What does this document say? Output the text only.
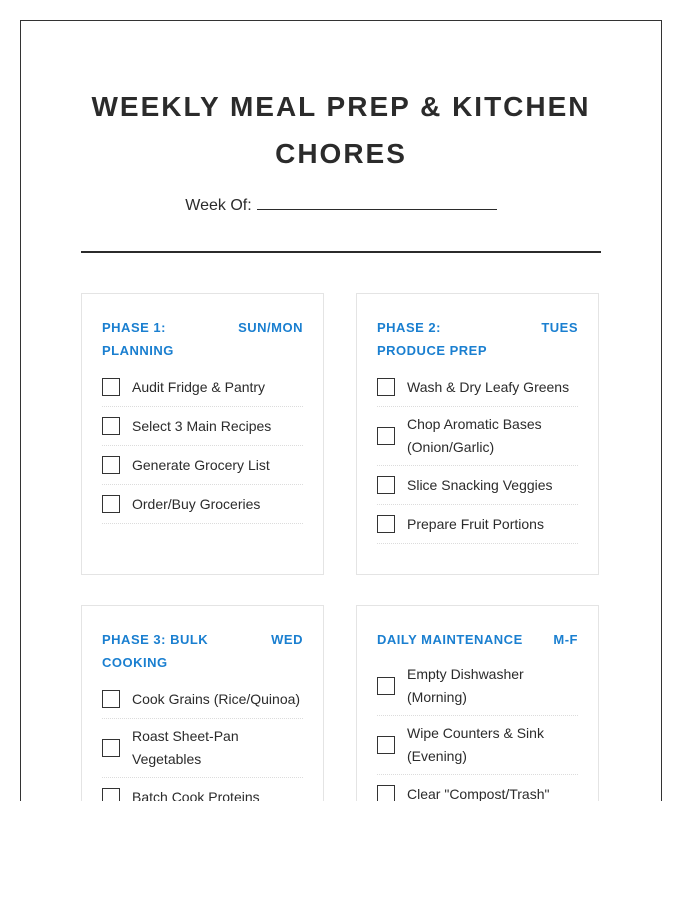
WEEKLY MEAL PREP & KITCHEN CHORES
Week Of:
PHASE 1: PLANNING
SUN/MON
Audit Fridge & Pantry
Select 3 Main Recipes
Generate Grocery List
Order/Buy Groceries
PHASE 2: PRODUCE PREP
TUES
Wash & Dry Leafy Greens
Chop Aromatic Bases (Onion/Garlic)
Slice Snacking Veggies
Prepare Fruit Portions
PHASE 3: BULK COOKING
WED
Cook Grains (Rice/Quinoa)
Roast Sheet-Pan Vegetables
Batch Cook Proteins
DAILY MAINTENANCE M-F
Empty Dishwasher (Morning)
Wipe Counters & Sink (Evening)
Clear "Compost/Trash"
